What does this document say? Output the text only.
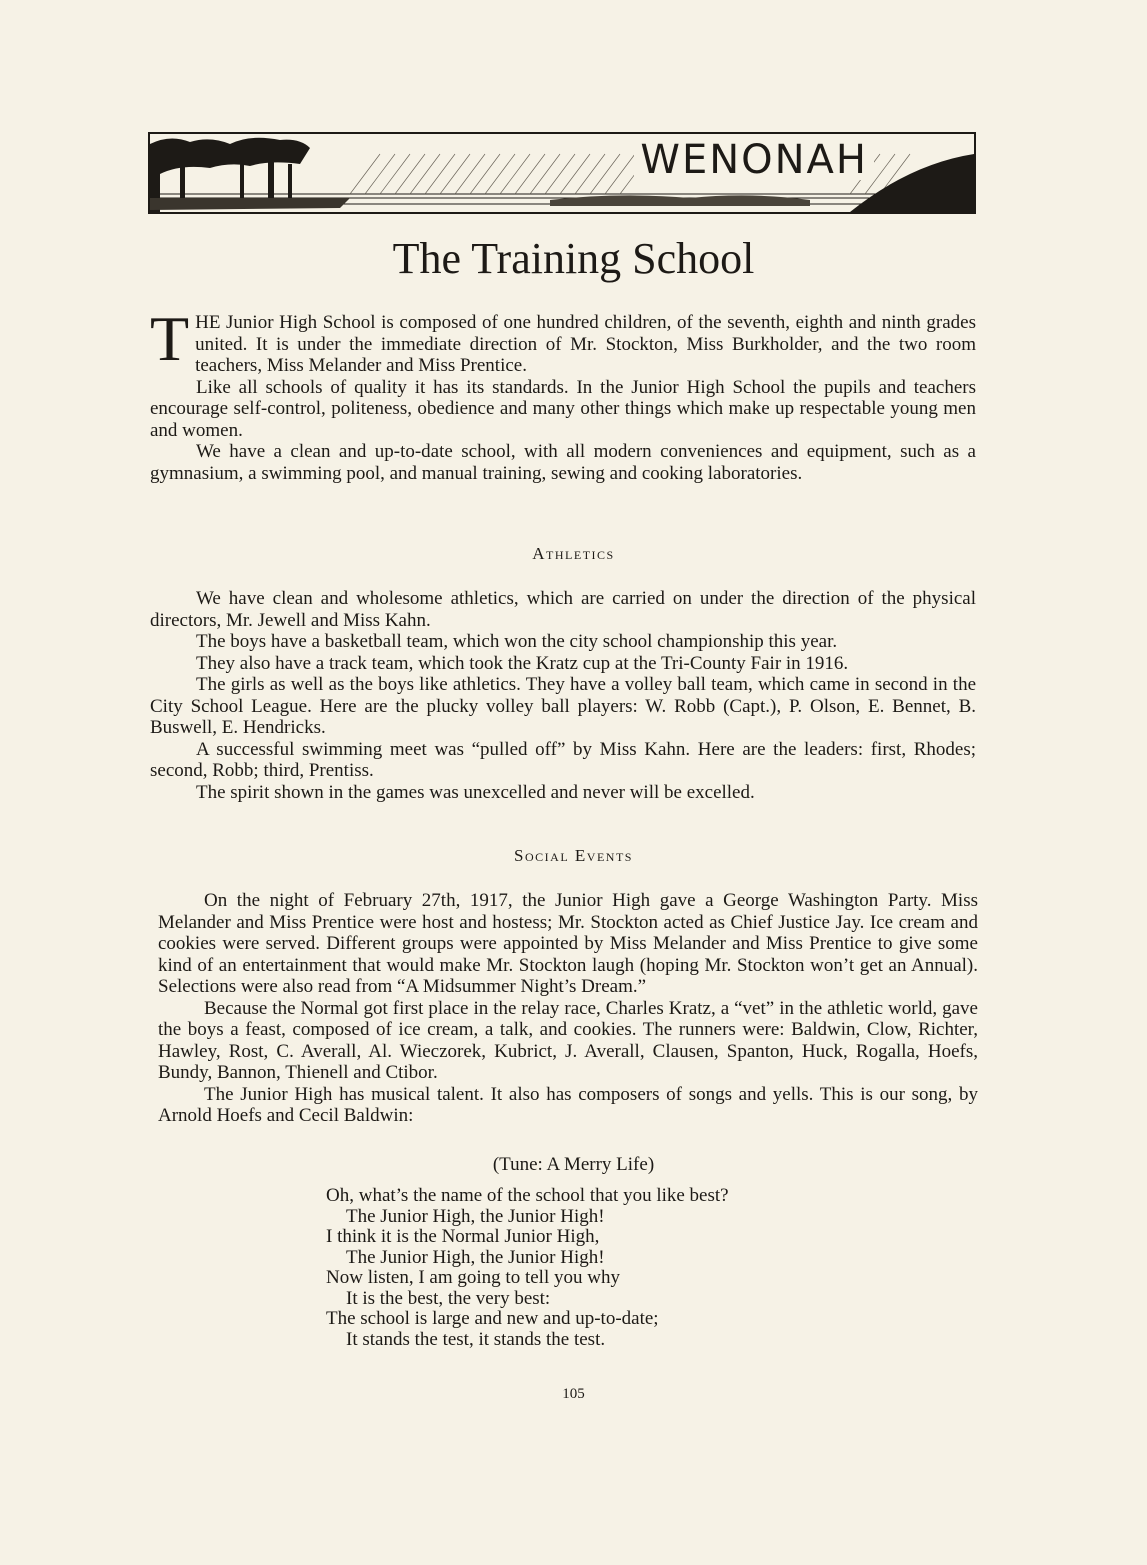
WENONAH
The Training School

THE Junior High School is composed of one hundred children, of the seventh, eighth and ninth grades united. It is under the immediate direction of Mr. Stockton, Miss Burkholder, and the two room teachers, Miss Melander and Miss Prentice.

Like all schools of quality it has its standards. In the Junior High School the pupils and teachers encourage self-control, politeness, obedience and many other things which make up respectable young men and women.

We have a clean and up-to-date school, with all modern conveniences and equipment, such as a gymnasium, a swimming pool, and manual training, sewing and cooking laboratories.

Athletics

We have clean and wholesome athletics, which are carried on under the direction of the physical directors, Mr. Jewell and Miss Kahn.

The boys have a basketball team, which won the city school championship this year.

They also have a track team, which took the Kratz cup at the Tri-County Fair in 1916.

The girls as well as the boys like athletics. They have a volley ball team, which came in second in the City School League. Here are the plucky volley ball players: W. Robb (Capt.), P. Olson, E. Bennet, B. Buswell, E. Hendricks.

A successful swimming meet was “pulled off” by Miss Kahn. Here are the leaders: first, Rhodes; second, Robb; third, Prentiss.

The spirit shown in the games was unexcelled and never will be excelled.

Social Events

On the night of February 27th, 1917, the Junior High gave a George Washington Party. Miss Melander and Miss Prentice were host and hostess; Mr. Stockton acted as Chief Justice Jay. Ice cream and cookies were served. Different groups were appointed by Miss Melander and Miss Prentice to give some kind of an entertainment that would make Mr. Stockton laugh (hoping Mr. Stockton won’t get an Annual). Selections were also read from “A Midsummer Night’s Dream.”

Because the Normal got first place in the relay race, Charles Kratz, a “vet” in the athletic world, gave the boys a feast, composed of ice cream, a talk, and cookies. The runners were: Baldwin, Clow, Richter, Hawley, Rost, C. Averall, Al. Wieczorek, Kubrict, J. Averall, Clausen, Spanton, Huck, Rogalla, Hoefs, Bundy, Bannon, Thienell and Ctibor.

The Junior High has musical talent. It also has composers of songs and yells. This is our song, by Arnold Hoefs and Cecil Baldwin:

(Tune: A Merry Life)
Oh, what’s the name of the school that you like best?
The Junior High, the Junior High!
I think it is the Normal Junior High,
The Junior High, the Junior High!
Now listen, I am going to tell you why
It is the best, the very best:
The school is large and new and up-to-date;
It stands the test, it stands the test.
105
